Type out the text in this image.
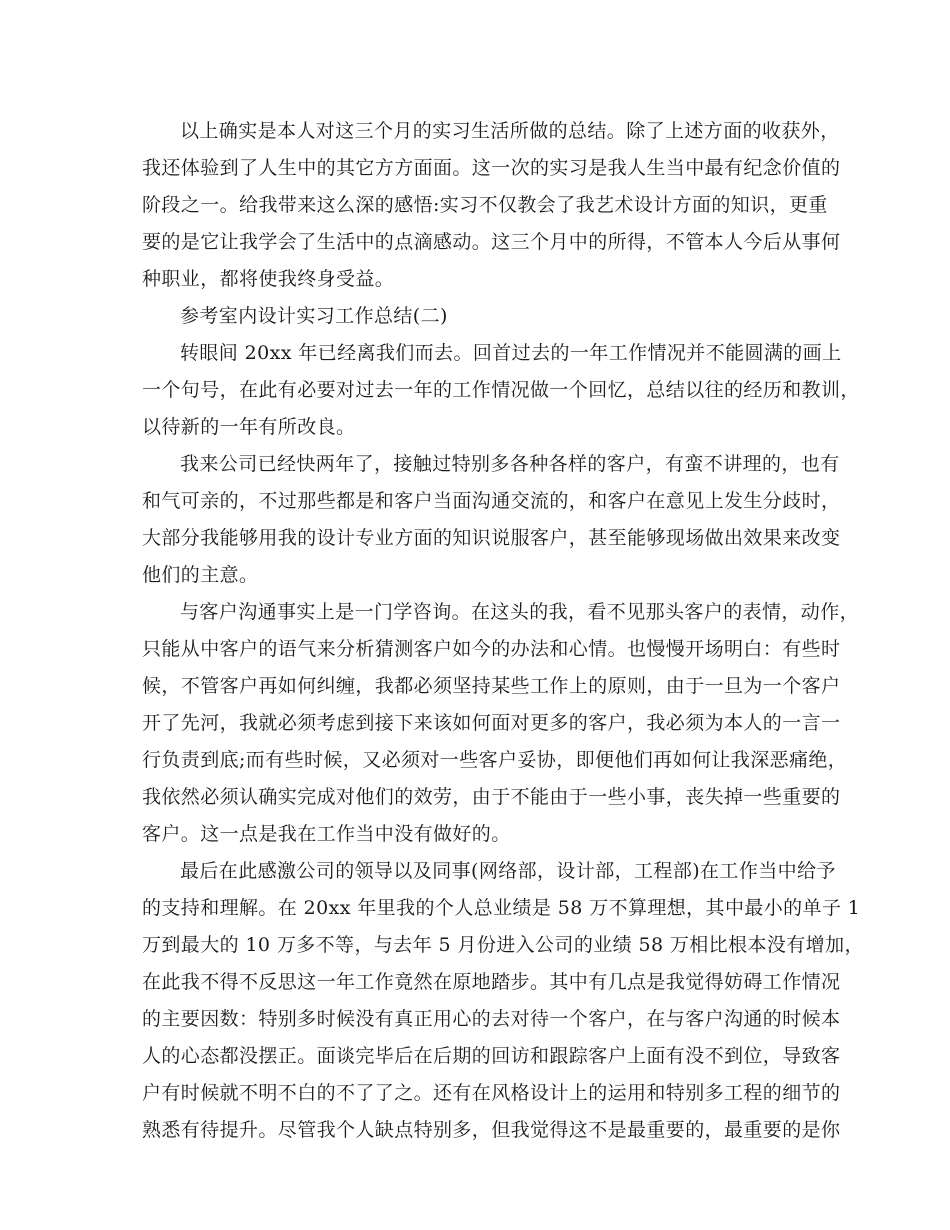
以上确实是本人对这三个月的实习生活所做的总结。除了上述方面的收获外，
我还体验到了人生中的其它方方面面。这一次的实习是我人生当中最有纪念价值的
阶段之一。给我带来这么深的感悟:实习不仅教会了我艺术设计方面的知识，更重
要的是它让我学会了生活中的点滴感动。这三个月中的所得，不管本人今后从事何
种职业，都将使我终身受益。
参考室内设计实习工作总结(二)
转眼间 20xx 年已经离我们而去。回首过去的一年工作情况并不能圆满的画上
一个句号，在此有必要对过去一年的工作情况做一个回忆，总结以往的经历和教训，
以待新的一年有所改良。
我来公司已经快两年了，接触过特别多各种各样的客户，有蛮不讲理的，也有
和气可亲的，不过那些都是和客户当面沟通交流的，和客户在意见上发生分歧时，
大部分我能够用我的设计专业方面的知识说服客户，甚至能够现场做出效果来改变
他们的主意。
与客户沟通事实上是一门学咨询。在这头的我，看不见那头客户的表情，动作，
只能从中客户的语气来分析猜测客户如今的办法和心情。也慢慢开场明白：有些时
候，不管客户再如何纠缠，我都必须坚持某些工作上的原则，由于一旦为一个客户
开了先河，我就必须考虑到接下来该如何面对更多的客户，我必须为本人的一言一
行负责到底;而有些时候，又必须对一些客户妥协，即便他们再如何让我深恶痛绝，
我依然必须认确实完成对他们的效劳，由于不能由于一些小事，丧失掉一些重要的
客户。这一点是我在工作当中没有做好的。
最后在此感激公司的领导以及同事(网络部，设计部，工程部)在工作当中给予
的支持和理解。在 20xx 年里我的个人总业绩是 58 万不算理想，其中最小的单子 1
万到最大的 10 万多不等，与去年 5 月份进入公司的业绩 58 万相比根本没有增加，
在此我不得不反思这一年工作竟然在原地踏步。其中有几点是我觉得妨碍工作情况
的主要因数：特别多时候没有真正用心的去对待一个客户，在与客户沟通的时候本
人的心态都没摆正。面谈完毕后在后期的回访和跟踪客户上面有没不到位，导致客
户有时候就不明不白的不了了之。还有在风格设计上的运用和特别多工程的细节的
熟悉有待提升。尽管我个人缺点特别多，但我觉得这不是最重要的，最重要的是你
